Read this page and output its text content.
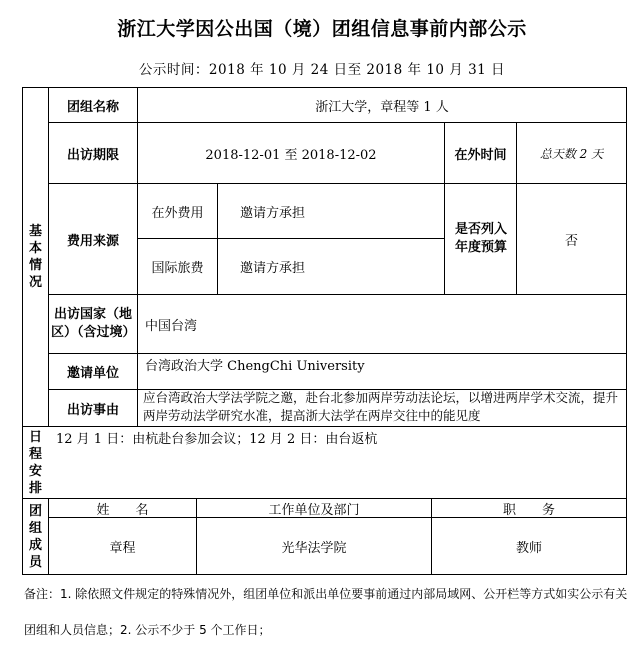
浙江大学因公出国（境）团组信息事前内部公示
公示时间：2018 年 10 月 24 日至 2018 年 10 月 31 日
基
本
情
况
日
程
安
排
团
组
成
员
团组名称	浙江大学，章程等 1 人
出访期限	2018-12-01 至 2018-12-02	在外时间	总天数 2 天
费用来源
在外费用	邀请方承担
国际旅费	邀请方承担
是否列入年度预算	否
出访国家（地区）（含过境） 中国台湾
邀请单位	台湾政治大学 ChengChi University
出访事由
应台湾政治大学法学院之邀，赴台北参加两岸劳动法论坛，以增进两岸学术交流，提升两岸劳动法学研究水准，提高浙大法学在两岸交往中的能见度
12 月 1 日：由杭赴台参加会议；12 月 2 日：由台返杭
姓　　名	工作单位及部门	职　　务
章程	光华法学院	教师
备注：1. 除依照文件规定的特殊情况外，组团单位和派出单位要事前通过内部局域网、公开栏等方式如实公示有关
团组和人员信息；2. 公示不少于 5 个工作日；
